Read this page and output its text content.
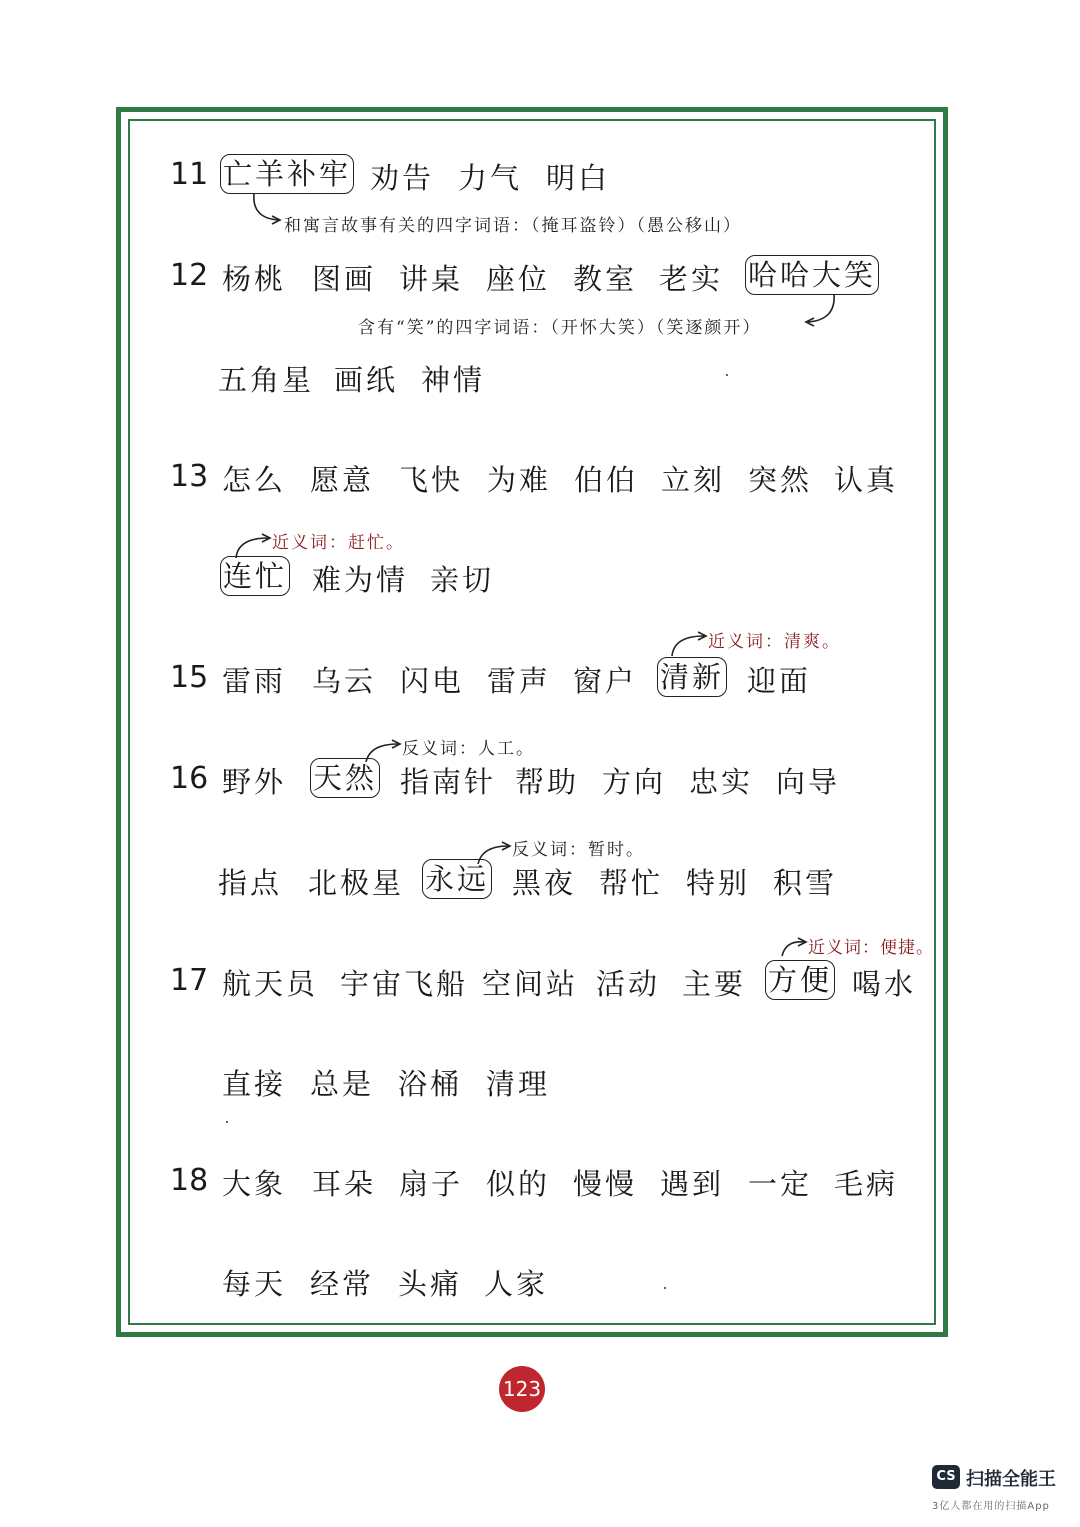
11 亡羊补牢 劝告 力气 明白
和寓言故事有关的四字词语：（掩耳盗铃）（愚公移山）
12 杨桃 图画 讲桌 座位 教室 老实 哈哈大笑
含有“笑”的四字词语：（开怀大笑）（笑逐颜开）
五角星 画纸 神情
13 怎么 愿意 飞快 为难 伯伯 立刻 突然 认真
近义词：赶忙。
连忙 难为情 亲切
近义词：清爽。
15 雷雨 乌云 闪电 雷声 窗户 清新 迎面
反义词：人工。
16 野外 天然 指南针 帮助 方向 忠实 向导
反义词：暂时。
指点 北极星 永远 黑夜 帮忙 特别 积雪
近义词：便捷。
17 航天员 宇宙飞船 空间站 活动 主要 方便 喝水
直接 总是 浴桶 清理
18 大象 耳朵 扇子 似的 慢慢 遇到 一定 毛病
每天 经常 头痛 人家
123
CS 扫描全能王
3亿人都在用的扫描App
